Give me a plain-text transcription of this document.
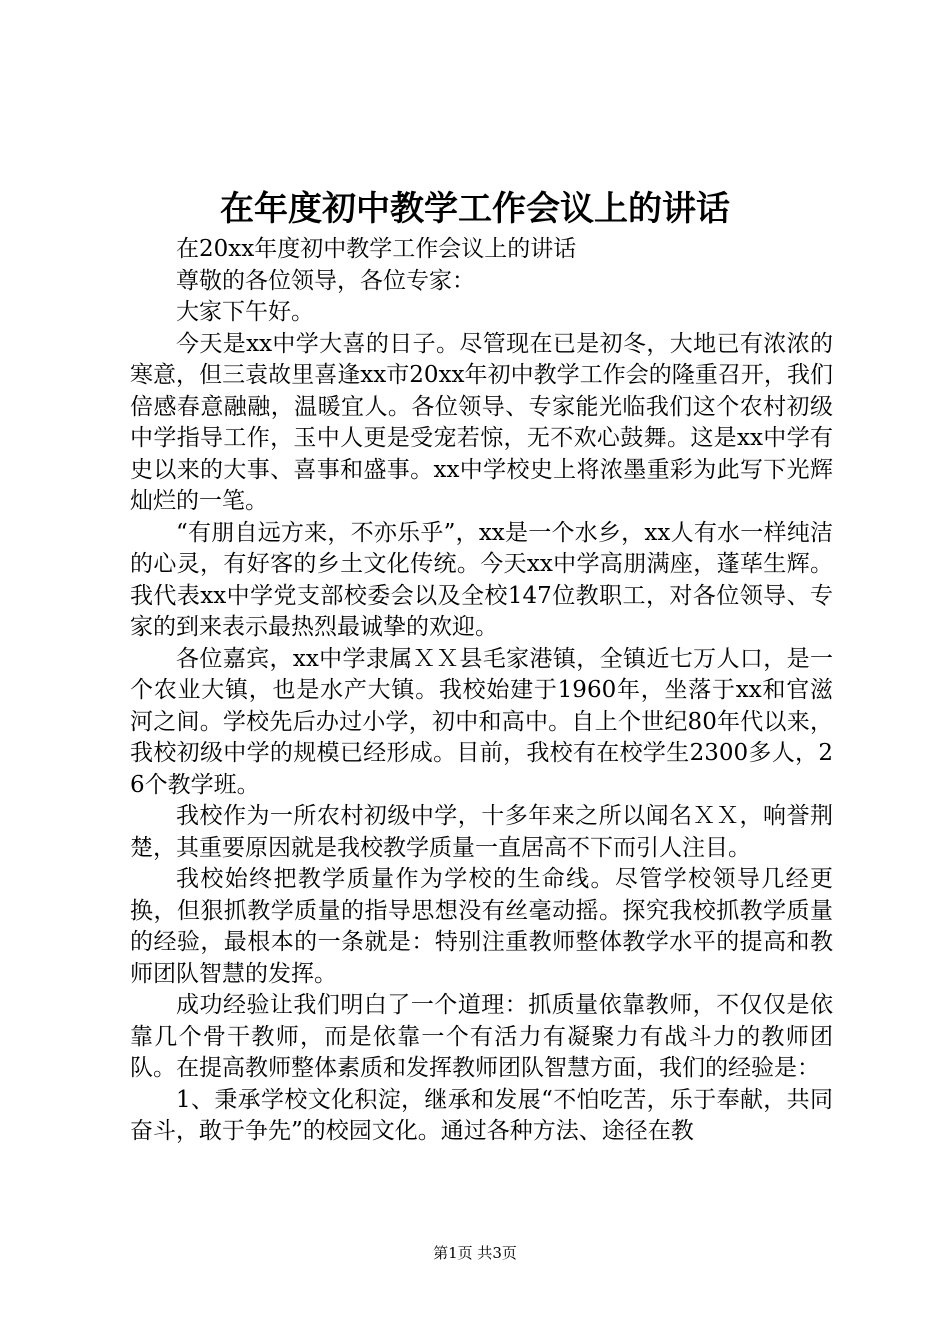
在年度初中教学工作会议上的讲话

在20xx年度初中教学工作会议上的讲话

尊敬的各位领导，各位专家：

大家下午好。

今天是xx中学大喜的日子。尽管现在已是初冬，大地已有浓浓的寒意，但三袁故里喜逢xx市20xx年初中教学工作会的隆重召开，我们倍感春意融融，温暖宜人。各位领导、专家能光临我们这个农村初级中学指导工作，玉中人更是受宠若惊，无不欢心鼓舞。这是xx中学有史以来的大事、喜事和盛事。xx中学校史上将浓墨重彩为此写下光辉灿烂的一笔。

“有朋自远方来，不亦乐乎”，xx是一个水乡，xx人有水一样纯洁的心灵，有好客的乡土文化传统。今天xx中学高朋满座，蓬荜生辉。我代表xx中学党支部校委会以及全校147位教职工，对各位领导、专家的到来表示最热烈最诚挚的欢迎。

各位嘉宾，xx中学隶属ＸＸ县毛家港镇，全镇近七万人口，是一个农业大镇，也是水产大镇。我校始建于1960年，坐落于xx和官滋河之间。学校先后办过小学，初中和高中。自上个世纪80年代以来，我校初级中学的规模已经形成。目前，我校有在校学生2300多人，26个教学班。

我校作为一所农村初级中学，十多年来之所以闻名ＸＸ，响誉荆楚，其重要原因就是我校教学质量一直居高不下而引人注目。

我校始终把教学质量作为学校的生命线。尽管学校领导几经更换，但狠抓教学质量的指导思想没有丝毫动摇。探究我校抓教学质量的经验，最根本的一条就是：特别注重教师整体教学水平的提高和教师团队智慧的发挥。

成功经验让我们明白了一个道理：抓质量依靠教师，不仅仅是依靠几个骨干教师，而是依靠一个有活力有凝聚力有战斗力的教师团队。在提高教师整体素质和发挥教师团队智慧方面，我们的经验是：

1、秉承学校文化积淀，继承和发展“不怕吃苦，乐于奉献，共同奋斗，敢于争先”的校园文化。通过各种方法、途径在教

第1页 共3页
